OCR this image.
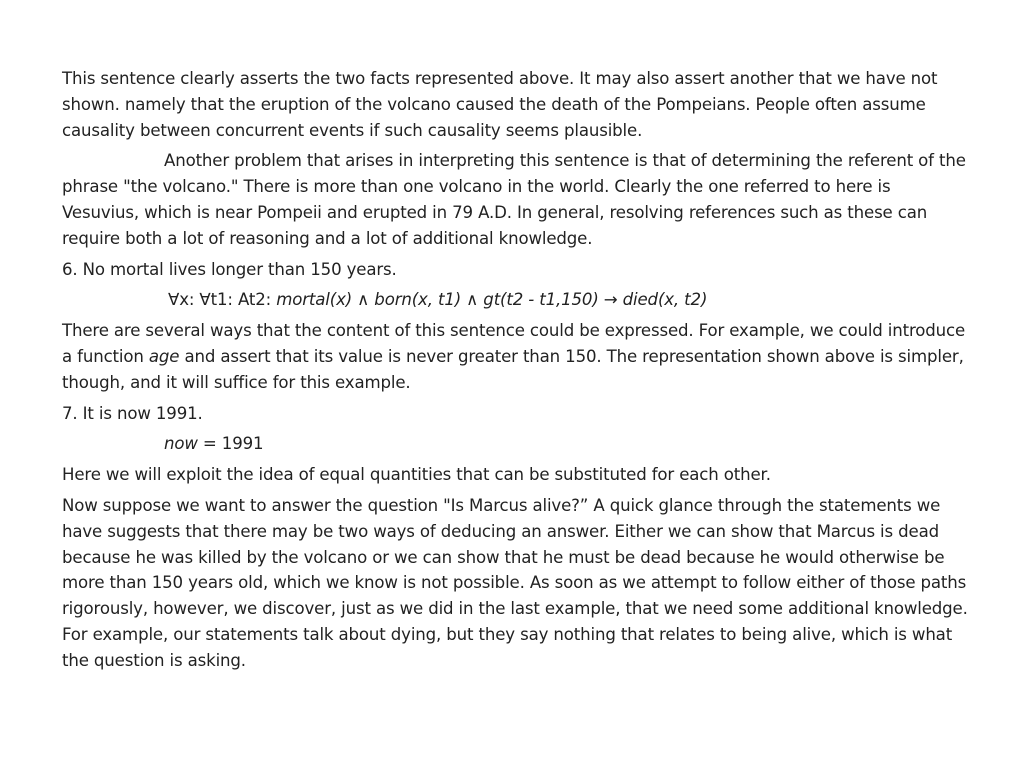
This sentence clearly asserts the two facts represented above. It may also assert another that we have not shown. namely that the eruption of the volcano caused the death of the Pompeians. People often assume causality between concurrent events if such causality seems plausible.

Another problem that arises in interpreting this sentence is that of determining the referent of the phrase "the volcano." There is more than one volcano in the world. Clearly the one referred to here is Vesuvius, which is near Pompeii and erupted in 79 A.D. In general, resolving references such as these can require both a lot of reasoning and a lot of additional knowledge.

6. No mortal lives longer than 150 years.

∀x: ∀t1: At2: mortal(x) ∧ born(x, t1) ∧ gt(t2 - t1,150) → died(x, t2)

There are several ways that the content of this sentence could be expressed. For example, we could introduce a function age and assert that its value is never greater than 150. The representation shown above is simpler, though, and it will suffice for this example.

7. It is now 1991.

now = 1991

Here we will exploit the idea of equal quantities that can be substituted for each other.

Now suppose we want to answer the question "Is Marcus alive?” A quick glance through the statements we have suggests that there may be two ways of deducing an answer. Either we can show that Marcus is dead because he was killed by the volcano or we can show that he must be dead because he would otherwise be more than 150 years old, which we know is not possible. As soon as we attempt to follow either of those paths rigorously, however, we discover, just as we did in the last example, that we need some additional knowledge. For example, our statements talk about dying, but they say nothing that relates to being alive, which is what the question is asking.
